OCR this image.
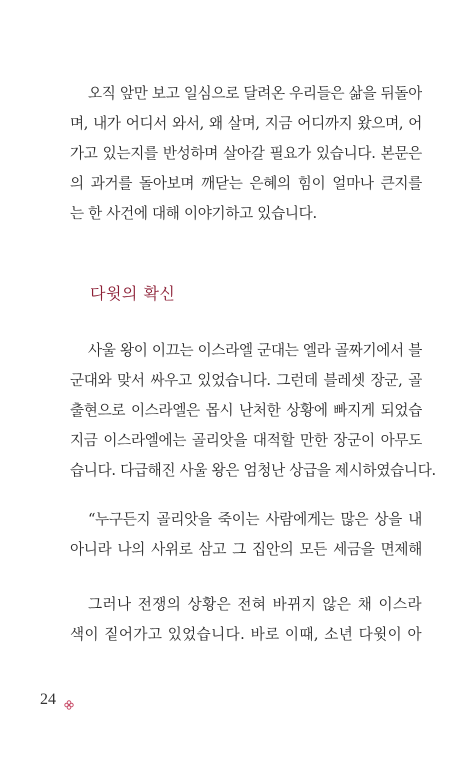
오직 앞만 보고 일심으로 달려온 우리들은 삶을 뒤돌아
며, 내가 어디서 와서, 왜 살며, 지금 어디까지 왔으며, 어
가고 있는지를 반성하며 살아갈 필요가 있습니다. 본문은
의 과거를 돌아보며 깨닫는 은혜의 힘이 얼마나 큰지를
는 한 사건에 대해 이야기하고 있습니다.

다윗의 확신

사울 왕이 이끄는 이스라엘 군대는 엘라 골짜기에서 블
군대와 맞서 싸우고 있었습니다. 그런데 블레셋 장군, 골
출현으로 이스라엘은 몹시 난처한 상황에 빠지게 되었습
지금 이스라엘에는 골리앗을 대적할 만한 장군이 아무도
습니다. 다급해진 사울 왕은 엄청난 상급을 제시하였습니다.

“누구든지 골리앗을 죽이는 사람에게는 많은 상을 내
아니라 나의 사위로 삼고 그 집안의 모든 세금을 면제해

그러나 전쟁의 상황은 전혀 바뀌지 않은 채 이스라
색이 짙어가고 있었습니다. 바로 이때, 소년 다윗이 아

24
